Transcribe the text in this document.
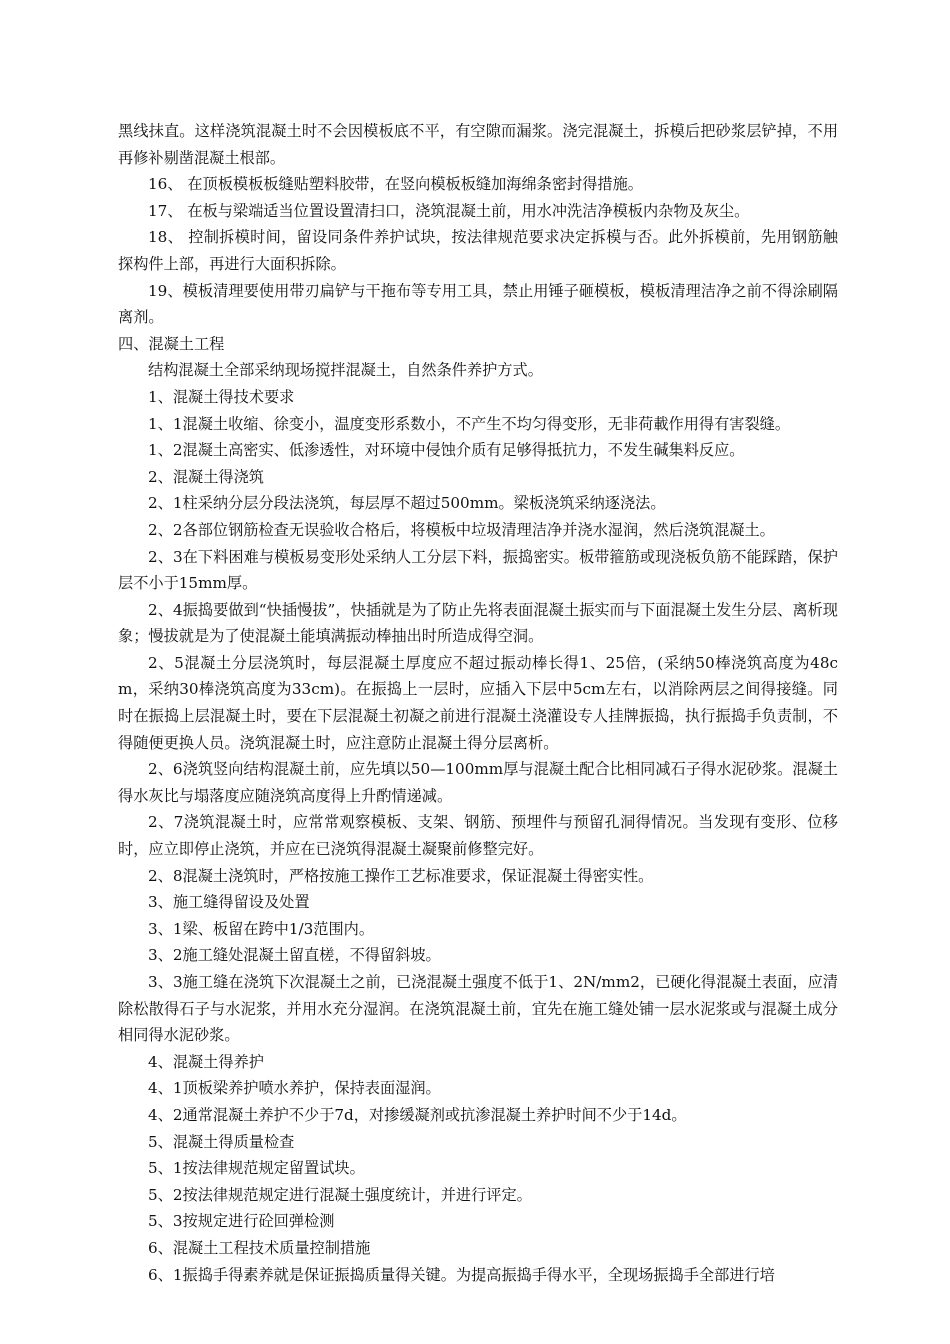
黑线抹直。这样浇筑混凝土时不会因模板底不平，有空隙而漏浆。浇完混凝土，拆模后把砂浆层铲掉，不用再修补剔凿混凝土根部。

16、 在顶板模板板缝贴塑料胶带，在竖向模板板缝加海绵条密封得措施。

17、 在板与梁端适当位置设置清扫口，浇筑混凝土前，用水冲洗洁净模板内杂物及灰尘。

18、 控制拆模时间，留设同条件养护试块，按法律规范要求决定拆模与否。此外拆模前，先用钢筋触探构件上部，再进行大面积拆除。

19、模板清理要使用带刃扁铲与干拖布等专用工具，禁止用锤子砸模板，模板清理洁净之前不得涂刷隔离剂。

四、混凝土工程

结构混凝土全部采纳现场搅拌混凝土，自然条件养护方式。

1、混凝土得技术要求

1、1混凝土收缩、徐变小，温度变形系数小，不产生不均匀得变形，无非荷載作用得有害裂缝。

1、2混凝土高密实、低渗透性，对环境中侵蚀介质有足够得抵抗力，不发生碱集料反应。

2、混凝土得浇筑

2、1柱采纳分层分段法浇筑，每层厚不超过500mm。梁板浇筑采纳逐浇法。

2、2各部位钢筋检查无误验收合格后，将模板中垃圾清理洁净并浇水湿润，然后浇筑混凝土。

2、3在下料困难与模板易变形处采纳人工分层下料，振捣密实。板带箍筋或现浇板负筋不能踩踏，保护层不小于15mm厚。

2、4振捣要做到“快插慢拔”，快插就是为了防止先将表面混凝土振实而与下面混凝土发生分层、离析现象；慢拔就是为了使混凝土能填满振动棒抽出时所造成得空洞。

2、5混凝土分层浇筑时，每层混凝土厚度应不超过振动棒长得1、25倍，(采纳50棒浇筑高度为48cm，采纳30棒浇筑高度为33cm)。在振捣上一层时，应插入下层中5cm左右，以消除两层之间得接缝。同时在振捣上层混凝土时，要在下层混凝土初凝之前进行混凝土浇灌设专人挂牌振捣，执行振捣手负责制，不得随便更换人员。浇筑混凝土时，应注意防止混凝土得分层离析。

2、6浇筑竖向结构混凝土前，应先填以50—100mm厚与混凝土配合比相同减石子得水泥砂浆。混凝土得水灰比与塌落度应随浇筑高度得上升酌情递减。

2、7浇筑混凝土时，应常常观察模板、支架、钢筋、预埋件与预留孔洞得情况。当发现有变形、位移时，应立即停止浇筑，并应在已浇筑得混凝土凝聚前修整完好。

2、8混凝土浇筑时，严格按施工操作工艺标准要求，保证混凝土得密实性。

3、施工缝得留设及处置

3、1梁、板留在跨中1/3范围内。

3、2施工缝处混凝土留直槎，不得留斜坡。

3、3施工缝在浇筑下次混凝土之前，已浇混凝土强度不低于1、2N/mm2，已硬化得混凝土表面，应清除松散得石子与水泥浆，并用水充分湿润。在浇筑混凝土前，宜先在施工缝处铺一层水泥浆或与混凝土成分相同得水泥砂浆。

4、混凝土得养护

4、1顶板梁养护喷水养护，保持表面湿润。

4、2通常混凝土养护不少于7d，对掺缓凝剂或抗渗混凝土养护时间不少于14d。

5、混凝土得质量检查

5、1按法律规范规定留置试块。

5、2按法律规范规定进行混凝土强度统计，并进行评定。

5、3按规定进行砼回弹检测

6、混凝土工程技术质量控制措施

6、1振捣手得素养就是保证振捣质量得关键。为提高振捣手得水平，全现场振捣手全部进行培
